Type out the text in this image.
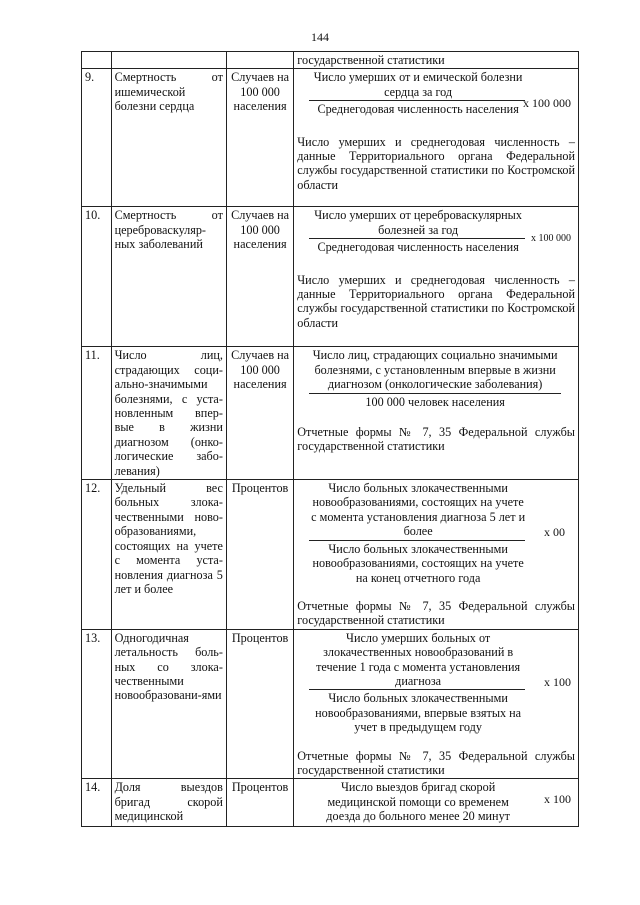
144
			государственной статистики
9.	Смертность от ишемической болезни сердца	Случаев на 100 000 населения	Число умерших от и емической болезни сердца за год
Среднегодовая численность населения x 100 000
Число умерших и среднегодовая численность – данные Территориального органа Федеральной службы государственной статистики по Костромской области

10.	Смертность от цереброваскуляр-ных заболеваний	Случаев на 100 000 населения	Число умерших от цереброваскулярных болезней за год
Среднегодовая численность населения
x 100 000
Число умерших и среднегодовая численность – данные Территориального органа Федеральной службы государственной статистики по Костромской области

11.	Число лиц, страдающих соци-ально-значимыми болезнями, с уста-новленным впер-вые в жизни диагнозом (онко-логические забо-левания)	Случаев на 100 000 населения	Число лиц, страдающих социально значимыми болезнями, с установленным впервые в жизни диагнозом (онкологические заболевания)
100 000 человек населения
Отчетные формы № 7, 35 Федеральной службы государственной статистики

12.	Удельный вес больных злока-чественными ново-образованиями, состоящих на учете с момента уста-новления диагноза 5 лет и более	Процентов	Число больных злокачественными новообразованиями, состоящих на учете с момента установления диагноза 5 лет и более
Число больных злокачественными новообразованиями, состоящих на учете на конец отчетного года
x 00
Отчетные формы № 7, 35 Федеральной службы государственной статистики

13.	Одногодичная летальность боль-ных со злока-чественными новообразовани-ями	Процентов	Число умерших больных от злокачественных новообразований в течение 1 года с момента установления диагноза
Число больных злокачественными новообразованиями, впервые взятых на учет в предыдущем году
x 100
Отчетные формы № 7, 35 Федеральной службы государственной статистики

14.	Доля выездов бригад скорой медицинской	Процентов	Число выездов бригад скорой медицинской помощи со временем доезда до больного менее 20 минут
x 100
